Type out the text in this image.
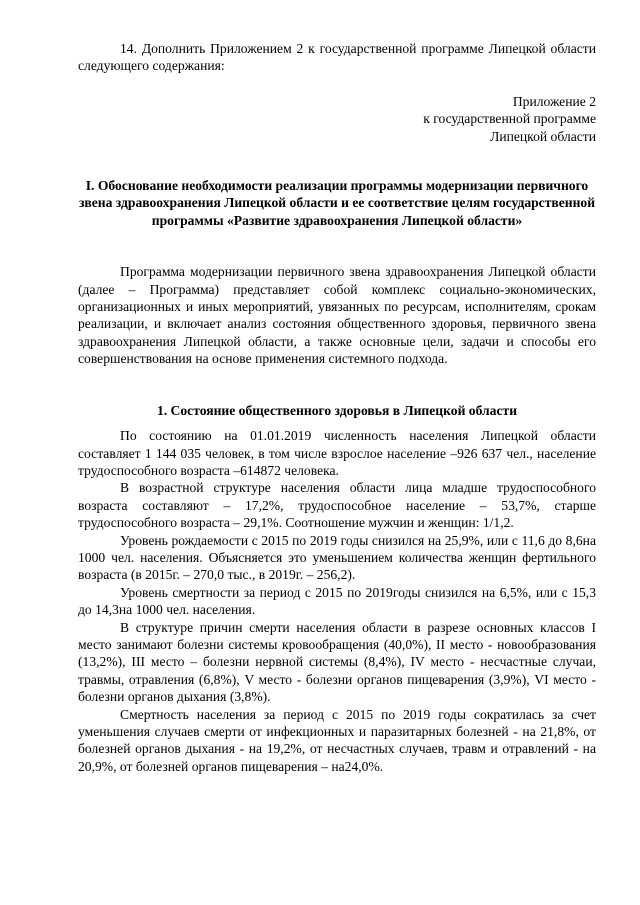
14. Дополнить Приложением 2 к государственной программе Липецкой области следующего содержания:

Приложение 2
к государственной программе
Липецкой области
I. Обоснование необходимости реализации программы модернизации первичного звена здравоохранения Липецкой области и ее соответствие целям государственной программы «Развитие здравоохранения Липецкой области»

Программа модернизации первичного звена здравоохранения Липецкой области (далее – Программа) представляет собой комплекс социально-экономических, организационных и иных мероприятий, увязанных по ресурсам, исполнителям, срокам реализации, и включает анализ состояния общественного здоровья, первичного звена здравоохранения Липецкой области, а также основные цели, задачи и способы его совершенствования на основе применения системного подхода.

1. Состояние общественного здоровья в Липецкой области

По состоянию на 01.01.2019 численность населения Липецкой области составляет 1 144 035 человек, в том числе взрослое население –926 637 чел., население трудоспособного возраста –614872 человека.

В возрастной структуре населения области лица младше трудоспособного возраста составляют – 17,2%, трудоспособное население – 53,7%, старше трудоспособного возраста – 29,1%. Соотношение мужчин и женщин: 1/1,2.

Уровень рождаемости с 2015 по 2019 годы снизился на 25,9%, или с 11,6 до 8,6на 1000 чел. населения. Объясняется это уменьшением количества женщин фертильного возраста (в 2015г. – 270,0 тыс., в 2019г. – 256,2).

Уровень смертности за период с 2015 по 2019годы снизился на 6,5%, или с 15,3 до 14,3на 1000 чел. населения.

В структуре причин смерти населения области в разрезе основных классов I место занимают болезни системы кровообращения (40,0%), II место - новообразования (13,2%), III место – болезни нервной системы (8,4%), IV место - несчастные случаи, травмы, отравления (6,8%), V место - болезни органов пищеварения (3,9%), VI место - болезни органов дыхания (3,8%).

Смертность населения за период с 2015 по 2019 годы сократилась за счет уменьшения случаев смерти от инфекционных и паразитарных болезней - на 21,8%, от болезней органов дыхания - на 19,2%, от несчастных случаев, травм и отравлений - на 20,9%, от болезней органов пищеварения – на24,0%.
